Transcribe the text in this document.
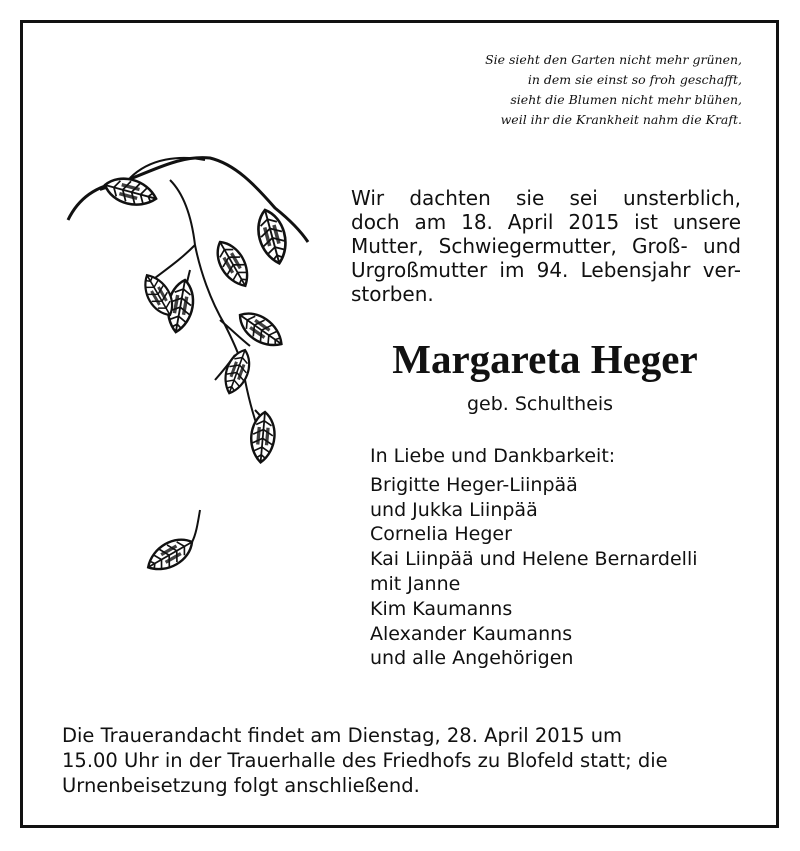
Sie sieht den Garten nicht mehr grünen,
in dem sie einst so froh geschafft,
sieht die Blumen nicht mehr blühen,
weil ihr die Krankheit nahm die Kraft.
Wir dachten sie sei unsterblich,
doch am 18. April 2015 ist unsere
Mutter, Schwiegermutter, Groß- und
Urgroßmutter im 94. Lebensjahr ver-
storben.
Margareta Heger
geb. Schultheis
In Liebe und Dankbarkeit:
Brigitte Heger-Liinpää
und Jukka Liinpää
Cornelia Heger
Kai Liinpää und Helene Bernardelli
mit Janne
Kim Kaumanns
Alexander Kaumanns
und alle Angehörigen
Die Trauerandacht findet am Dienstag, 28. April 2015 um
15.00 Uhr in der Trauerhalle des Friedhofs zu Blofeld statt; die
Urnenbeisetzung folgt anschließend.
